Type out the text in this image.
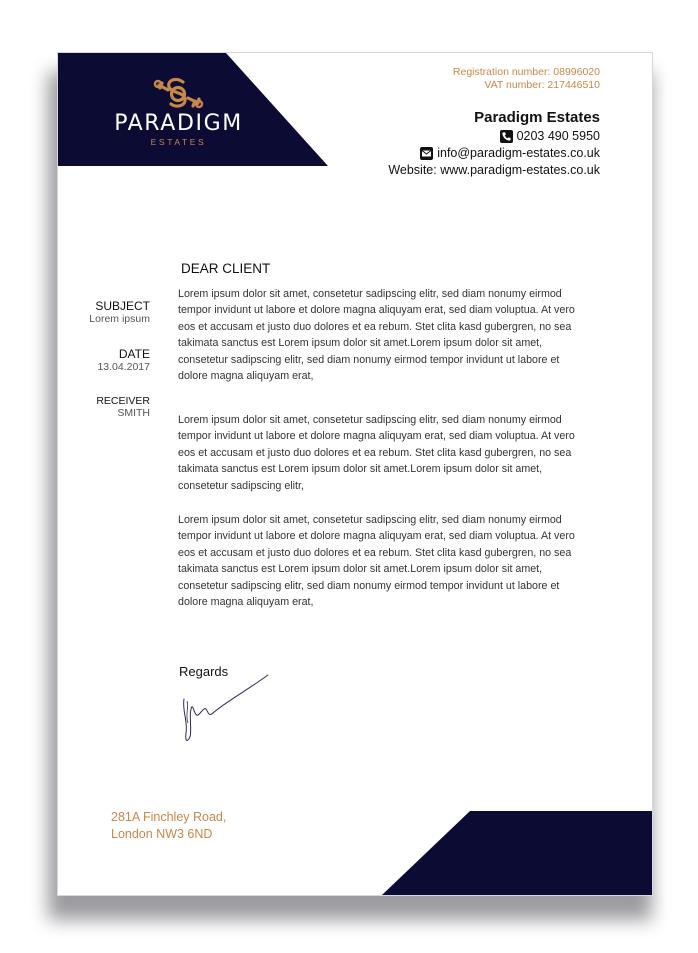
PARADIGM
ESTATES
Registration number: 08996020
VAT number: 217446510
Paradigm Estates
0203 490 5950
info@paradigm-estates.co.uk
Website: www.paradigm-estates.co.uk
DEAR CLIENT

Lorem ipsum dolor sit amet, consetetur sadipscing elitr, sed diam nonumy eirmod tempor invidunt ut labore et dolore magna aliquyam erat, sed diam voluptua. At vero eos et accusam et justo duo dolores et ea rebum. Stet clita kasd gubergren, no sea takimata sanctus est Lorem ipsum dolor sit amet.Lorem ipsum dolor sit amet, consetetur sadipscing elitr, sed diam nonumy eirmod tempor invidunt ut labore et dolore magna aliquyam erat,

Lorem ipsum dolor sit amet, consetetur sadipscing elitr, sed diam nonumy eirmod tempor invidunt ut labore et dolore magna aliquyam erat, sed diam voluptua. At vero eos et accusam et justo duo dolores et ea rebum. Stet clita kasd gubergren, no sea takimata sanctus est Lorem ipsum dolor sit amet.Lorem ipsum dolor sit amet, consetetur sadipscing elitr,

Lorem ipsum dolor sit amet, consetetur sadipscing elitr, sed diam nonumy eirmod tempor invidunt ut labore et dolore magna aliquyam erat, sed diam voluptua. At vero eos et accusam et justo duo dolores et ea rebum. Stet clita kasd gubergren, no sea takimata sanctus est Lorem ipsum dolor sit amet.Lorem ipsum dolor sit amet, consetetur sadipscing elitr, sed diam nonumy eirmod tempor invidunt ut labore et dolore magna aliquyam erat,

SUBJECT
Lorem ipsum
DATE
13.04.2017
RECEIVER
SMITH
Regards
281A Finchley Road,
London NW3 6ND
